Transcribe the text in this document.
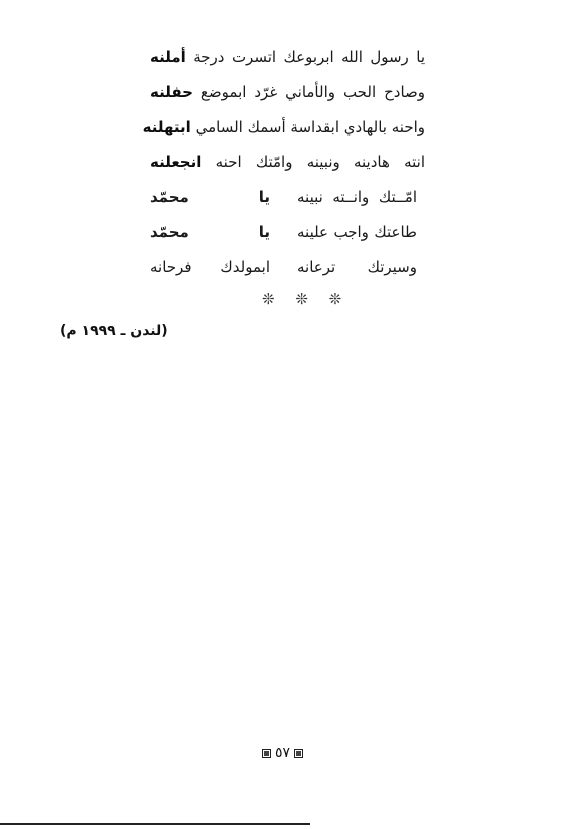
يا رسول الله ابربوعك اتسرت درجة أملنه
وصادح الحب والأماني غرّد ابموضع حفلنه
واحنه بالهادي ابقداسة أسمك السامي ابتهلنه
انته هادينه ونبينه وامّتك احنه انجعلنه
امّــتك وانــته نبينه
يا محمّد
طاعتك واجب علينه
يا محمّد
وسيرتك ترعانه
ابمولدك فرحانه
❊ ❊ ❊
(لندن ـ ١٩٩٩ م)
٥٧
